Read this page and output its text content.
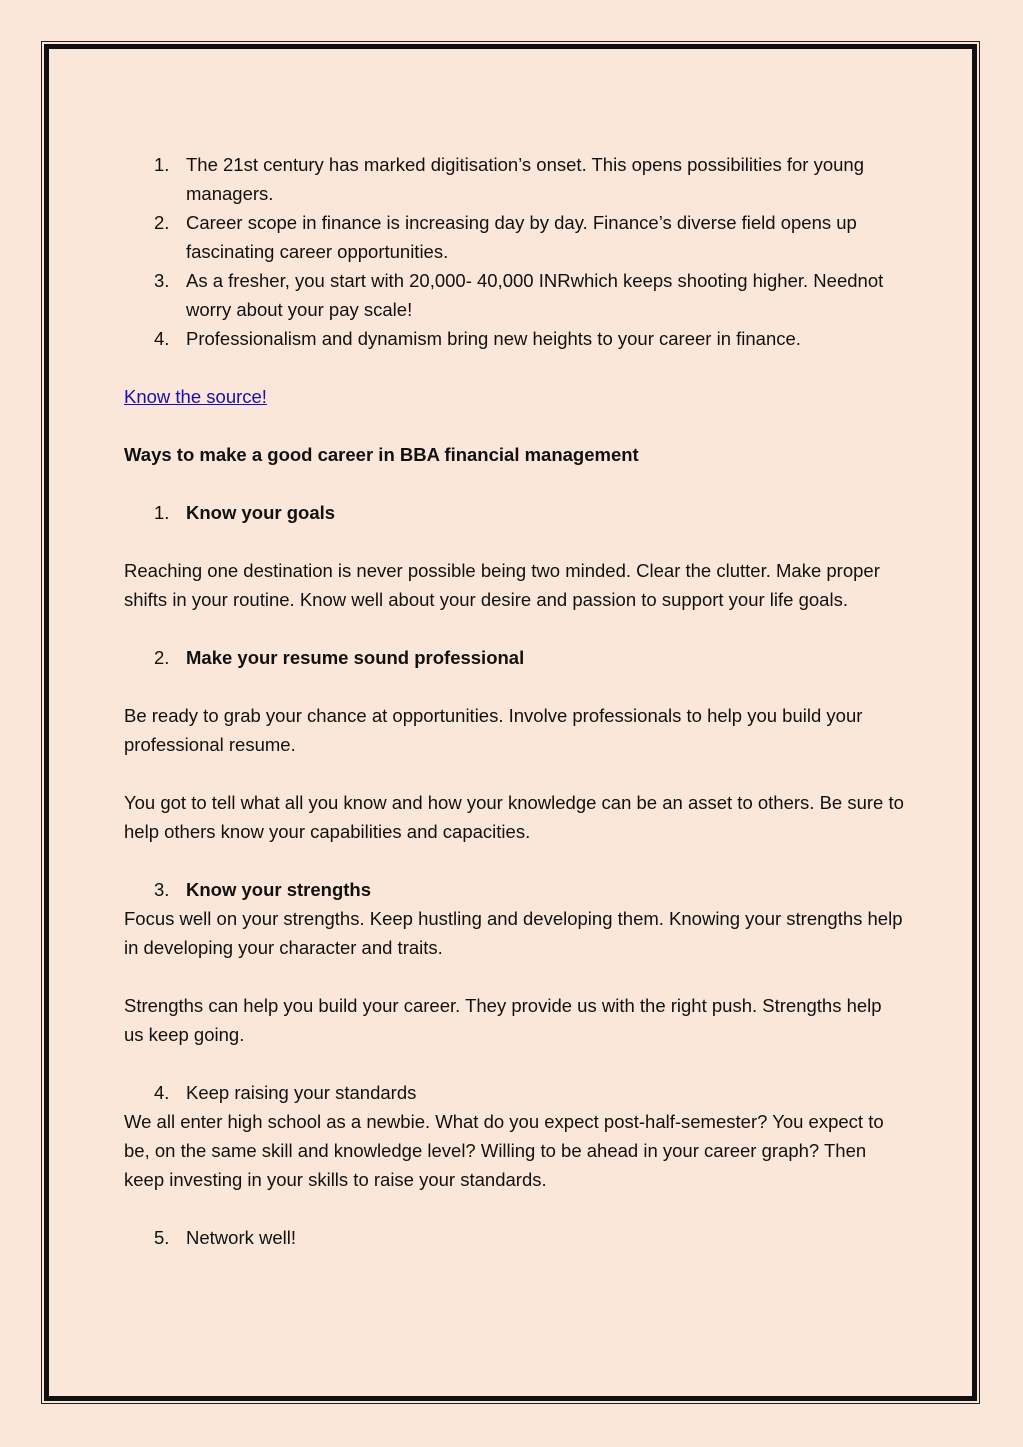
1. The 21st century has marked digitisation’s onset. This opens possibilities for young managers.
2. Career scope in finance is increasing day by day. Finance’s diverse field opens up fascinating career opportunities.
3. As a fresher, you start with 20,000- 40,000 INRwhich keeps shooting higher. Neednot worry about your pay scale!
4. Professionalism and dynamism bring new heights to your career in finance.

Know the source!

Ways to make a good career in BBA financial management

1. Know your goals

Reaching one destination is never possible being two minded. Clear the clutter. Make proper shifts in your routine. Know well about your desire and passion to support your life goals.

2. Make your resume sound professional

Be ready to grab your chance at opportunities. Involve professionals to help you build your professional resume.

You got to tell what all you know and how your knowledge can be an asset to others. Be sure to help others know your capabilities and capacities.

3. Know your strengths

Focus well on your strengths. Keep hustling and developing them. Knowing your strengths help in developing your character and traits.

Strengths can help you build your career. They provide us with the right push. Strengths help us keep going.

4. Keep raising your standards

We all enter high school as a newbie. What do you expect post-half-semester? You expect to be, on the same skill and knowledge level? Willing to be ahead in your career graph? Then keep investing in your skills to raise your standards.

5. Network well!
